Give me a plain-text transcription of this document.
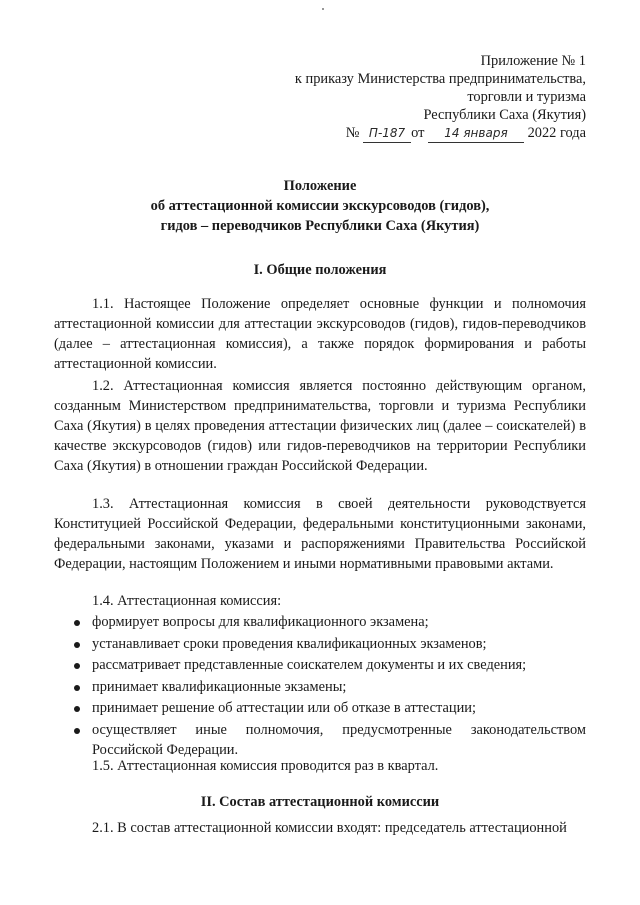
Приложение № 1
к приказу Министерства предпринимательства,
торговли и туризма
Республики Саха (Якутия)
№ П-187 от 14 января 2022 года
Положение
об аттестационной комиссии экскурсоводов (гидов),
гидов – переводчиков Республики Саха (Якутия)
I. Общие положения
1.1. Настоящее Положение определяет основные функции и полномочия аттестационной комиссии для аттестации экскурсоводов (гидов), гидов-переводчиков (далее – аттестационная комиссия), а также порядок формирования и работы аттестационной комиссии.
1.2. Аттестационная комиссия является постоянно действующим органом, созданным Министерством предпринимательства, торговли и туризма Республики Саха (Якутия) в целях проведения аттестации физических лиц (далее – соискателей) в качестве экскурсоводов (гидов) или гидов-переводчиков на территории Республики Саха (Якутия) в отношении граждан Российской Федерации.
1.3. Аттестационная комиссия в своей деятельности руководствуется Конституцией Российской Федерации, федеральными конституционными законами, федеральными законами, указами и распоряжениями Правительства Российской Федерации, настоящим Положением и иными нормативными правовыми актами.
1.4. Аттестационная комиссия:
формирует вопросы для квалификационного экзамена;
устанавливает сроки проведения квалификационных экзаменов;
рассматривает представленные соискателем документы и их сведения;
принимает квалификационные экзамены;
принимает решение об аттестации или об отказе в аттестации;
осуществляет иные полномочия, предусмотренные законодательством Российской Федерации.
1.5. Аттестационная комиссия проводится раз в квартал.
II. Состав аттестационной комиссии
2.1. В состав аттестационной комиссии входят: председатель аттестационной
